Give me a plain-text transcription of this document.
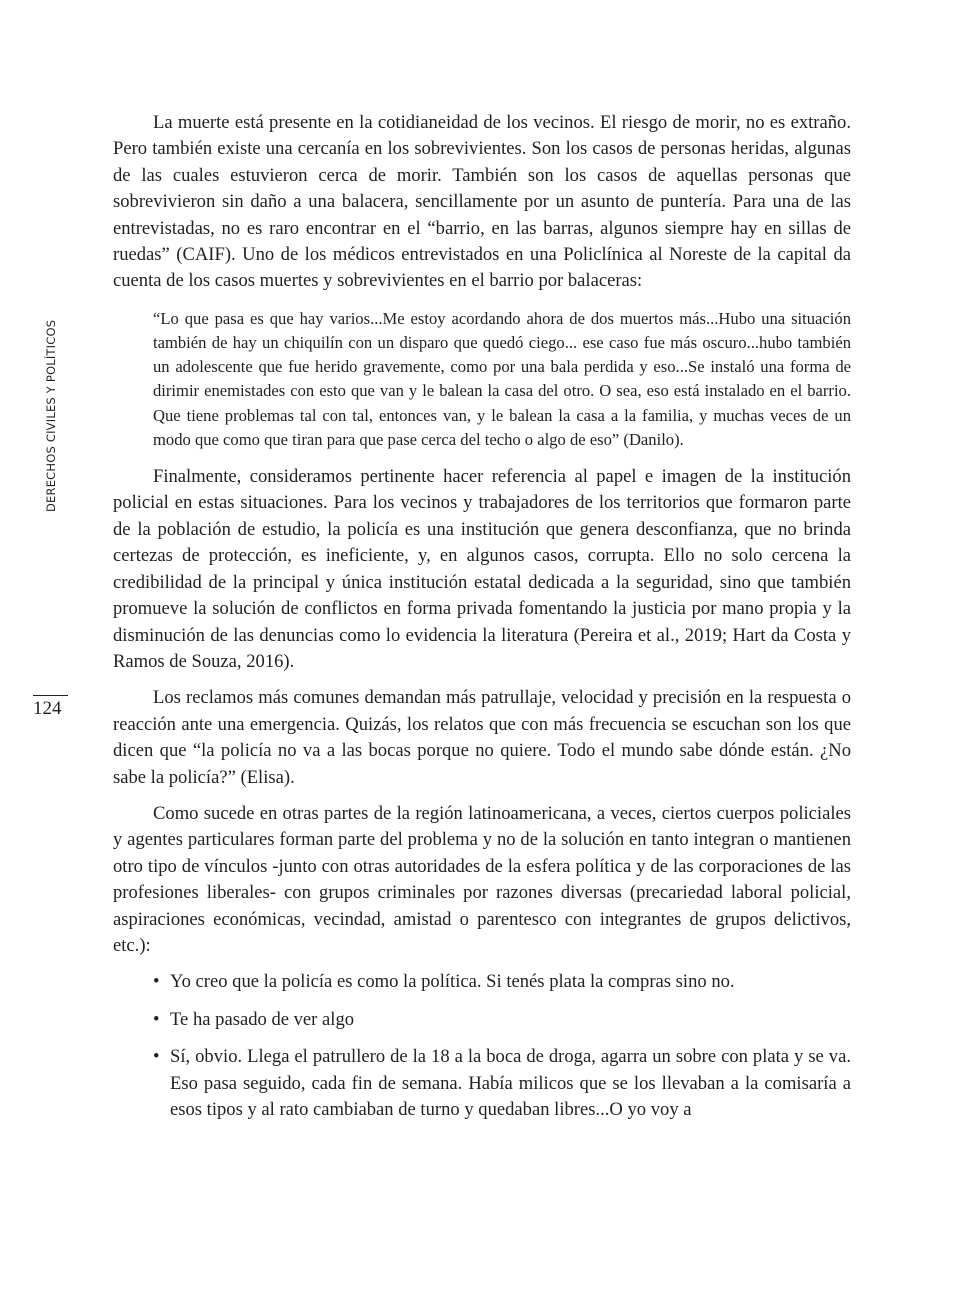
DERECHOS CIVILES Y POLÍTICOS
124

La muerte está presente en la cotidianeidad de los vecinos. El riesgo de morir, no es extraño. Pero también existe una cercanía en los sobrevivientes. Son los casos de personas heridas, algunas de las cuales estuvieron cerca de morir. También son los casos de aquellas personas que sobrevivieron sin daño a una balacera, sencillamente por un asunto de puntería. Para una de las entrevistadas, no es raro encontrar en el “barrio, en las barras, algunos siempre hay en sillas de ruedas” (CAIF). Uno de los médicos entrevistados en una Policlínica al Noreste de la capital da cuenta de los casos muertes y sobrevivientes en el barrio por balaceras:

“Lo que pasa es que hay varios...Me estoy acordando ahora de dos muertos más...Hubo una situación también de hay un chiquilín con un disparo que quedó ciego... ese caso fue más oscuro...hubo también un adolescente que fue herido gravemente, como por una bala perdida y eso...Se instaló una forma de dirimir enemistades con esto que van y le balean la casa del otro. O sea, eso está instalado en el barrio. Que tiene problemas tal con tal, entonces van, y le balean la casa a la familia, y muchas veces de un modo que como que tiran para que pase cerca del techo o algo de eso” (Danilo).

Finalmente, consideramos pertinente hacer referencia al papel e imagen de la institución policial en estas situaciones. Para los vecinos y trabajadores de los territorios que formaron parte de la población de estudio, la policía es una institución que genera desconfianza, que no brinda certezas de protección, es ineficiente, y, en algunos casos, corrupta. Ello no solo cercena la credibilidad de la principal y única institución estatal dedicada a la seguridad, sino que también promueve la solución de conflictos en forma privada fomentando la justicia por mano propia y la disminución de las denuncias como lo evidencia la literatura (Pereira et al., 2019; Hart da Costa y Ramos de Souza, 2016).

Los reclamos más comunes demandan más patrullaje, velocidad y precisión en la respuesta o reacción ante una emergencia. Quizás, los relatos que con más frecuencia se escuchan son los que dicen que “la policía no va a las bocas porque no quiere. Todo el mundo sabe dónde están. ¿No sabe la policía?” (Elisa).

Como sucede en otras partes de la región latinoamericana, a veces, ciertos cuerpos policiales y agentes particulares forman parte del problema y no de la solución en tanto integran o mantienen otro tipo de vínculos -junto con otras autoridades de la esfera política y de las corporaciones de las profesiones liberales- con grupos criminales por razones diversas (precariedad laboral policial, aspiraciones económicas, vecindad, amistad o parentesco con integrantes de grupos delictivos, etc.):

• Yo creo que la policía es como la política. Si tenés plata la compras sino no.
• Te ha pasado de ver algo
• Sí, obvio. Llega el patrullero de la 18 a la boca de droga, agarra un sobre con plata y se va. Eso pasa seguido, cada fin de semana. Había milicos que se los llevaban a la comisaría a esos tipos y al rato cambiaban de turno y quedaban libres...O yo voy a
